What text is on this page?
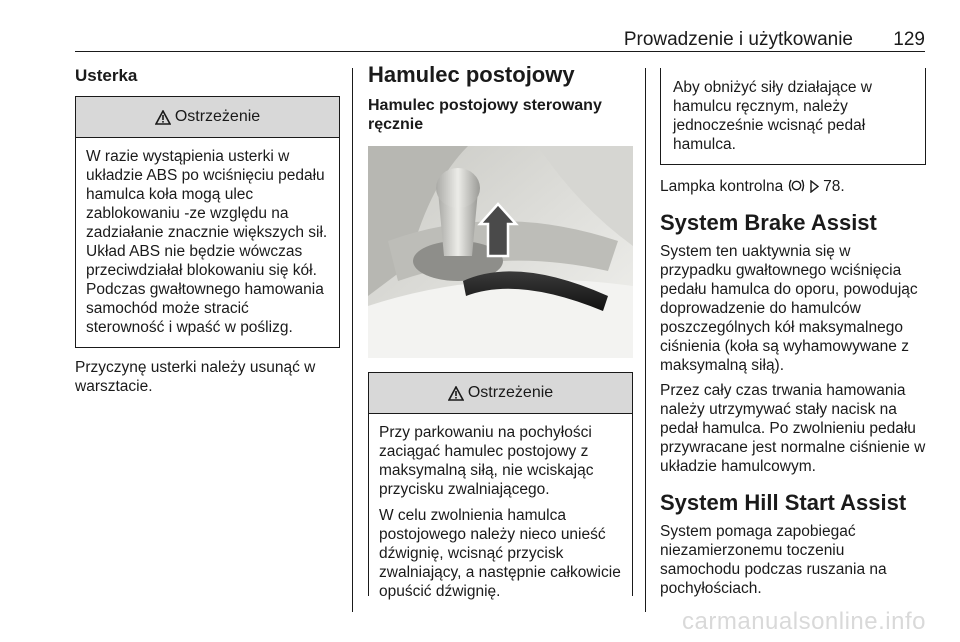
Prowadzenie i użytkowanie 129
Usterka
Ostrzeżenie

W razie wystąpienia usterki w układzie ABS po wciśnięciu pedału hamulca koła mogą ulec zablokowaniu -ze względu na zadziałanie znacznie większych sił. Układ ABS nie będzie wówczas przeciwdziałał blokowaniu się kół. Podczas gwałtownego hamowania samochód może stracić sterowność i wpaść w poślizg.

Przyczynę usterki należy usunąć w warsztacie.

Hamulec postojowy
Hamulec postojowy sterowany ręcznie
Ostrzeżenie

Przy parkowaniu na pochyłości zaciągać hamulec postojowy z maksymalną siłą, nie wciskając przycisku zwalniającego.

W celu zwolnienia hamulca postojowego należy nieco unieść dźwignię, wcisnąć przycisk zwalniający, a następnie całkowicie opuścić dźwignię.

Aby obniżyć siły działające w hamulcu ręcznym, należy jednocześnie wcisnąć pedał hamulca.

Lampka kontrolna	78.

System Brake Assist

System ten uaktywnia się w przypadku gwałtownego wciśnięcia pedału hamulca do oporu, powodując doprowadzenie do hamulców poszczególnych kół maksymalnego ciśnienia (koła są wyhamowywane z maksymalną siłą).

Przez cały czas trwania hamowania należy utrzymywać stały nacisk na pedał hamulca. Po zwolnieniu pedału przywracane jest normalne ciśnienie w układzie hamulcowym.

System Hill Start Assist

System pomaga zapobiegać niezamierzonemu toczeniu samochodu podczas ruszania na pochyłościach.

carmanualsonline.info
